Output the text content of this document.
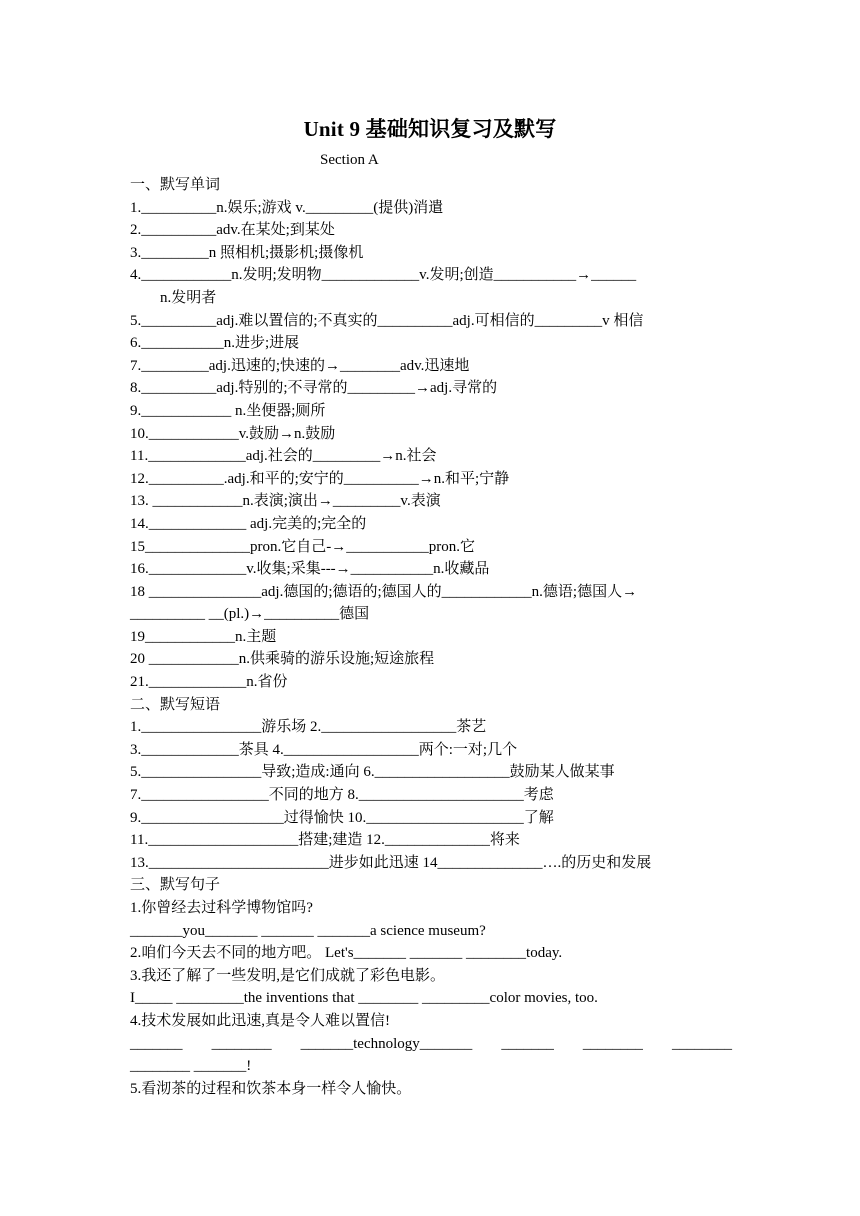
Unit 9 基础知识复习及默写
Section A
一、默写单词
1.__________n.娱乐;游戏 v._________(提供)消遣
2.__________adv.在某处;到某处
3._________n 照相机;摄影机;摄像机
4.____________n.发明;发明物_____________v.发明;创造___________→______
n.发明者
5.__________adj.难以置信的;不真实的__________adj.可相信的_________v 相信
6.___________n.进步;进展
7._________adj.迅速的;快速的→________adv.迅速地
8.__________adj.特别的;不寻常的_________→adj.寻常的
9.____________ n.坐便器;厕所
10.____________v.鼓励→n.鼓励
11._____________adj.社会的_________→n.社会
12.__________.adj.和平的;安宁的__________→n.和平;宁静
13. ____________n.表演;演出→_________v.表演
14._____________ adj.完美的;完全的
15______________pron.它自己-→___________pron.它
16._____________v.收集;采集---→___________n.收藏品
18 _______________adj.德国的;德语的;德国人的____________n.德语;德国人→
__________ __(pl.)→__________德国
19____________n.主题
20 ____________n.供乘骑的游乐设施;短途旅程
21._____________n.省份
二、默写短语
1.________________游乐场 2.__________________茶艺
3._____________茶具 4.__________________两个:一对;几个
5.________________导致;造成:通向 6.__________________鼓励某人做某事
7._________________不同的地方 8.______________________考虑
9.___________________过得愉快 10._____________________了解
11.____________________搭建;建造 12.______________将来
13.________________________进步如此迅速 14______________….的历史和发展
三、默写句子
1.你曾经去过科学博物馆吗?
_______you_______ _______ _______a science museum?
2.咱们今天去不同的地方吧。 Let's_______ _______ ________today.
3.我还了解了一些发明,是它们成就了彩色电影。
I_____ _________the inventions that ________ _________color movies, too.
4.技术发展如此迅速,真是令人难以置信!
_______ ________ _______technology_______ _______ ________ ________
________ _______!
5.看沏茶的过程和饮茶本身一样令人愉快。
